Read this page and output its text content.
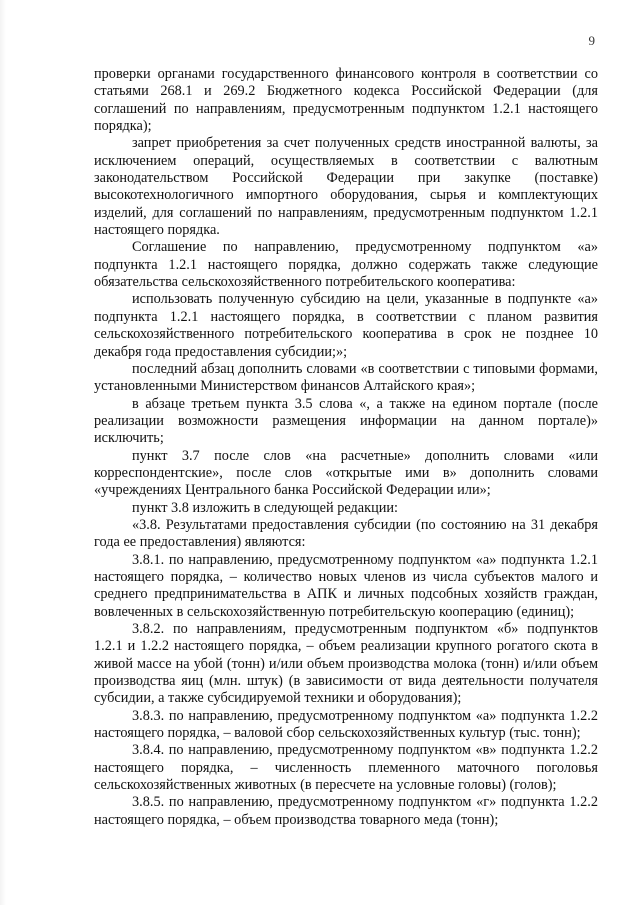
9

проверки органами государственного финансового контроля в соответствии со статьями 268.1 и 269.2 Бюджетного кодекса Российской Федерации (для соглашений по направлениям, предусмотренным подпунктом 1.2.1 настоящего порядка);

запрет приобретения за счет полученных средств иностранной валюты, за исключением операций, осуществляемых в соответствии с валютным законодательством Российской Федерации при закупке (поставке) высокотехнологичного импортного оборудования, сырья и комплектующих изделий, для соглашений по направлениям, предусмотренным подпунктом 1.2.1 настоящего порядка.

Соглашение по направлению, предусмотренному подпунктом «а» подпункта 1.2.1 настоящего порядка, должно содержать также следующие обязательства сельскохозяйственного потребительского кооператива:

использовать полученную субсидию на цели, указанные в подпункте «а» подпункта 1.2.1 настоящего порядка, в соответствии с планом развития сельскохозяйственного потребительского кооператива в срок не позднее 10 декабря года предоставления субсидии;»;

последний абзац дополнить словами «в соответствии с типовыми формами, установленными Министерством финансов Алтайского края»;

в абзаце третьем пункта 3.5 слова «, а также на едином портале (после реализации возможности размещения информации на данном портале)» исключить;

пункт 3.7 после слов «на расчетные» дополнить словами «или корреспондентские», после слов «открытые ими в» дополнить словами «учреждениях Центрального банка Российской Федерации или»;

пункт 3.8 изложить в следующей редакции:

«3.8. Результатами предоставления субсидии (по состоянию на 31 декабря года ее предоставления) являются:

3.8.1. по направлению, предусмотренному подпунктом «а» подпункта 1.2.1 настоящего порядка, – количество новых членов из числа субъектов малого и среднего предпринимательства в АПК и личных подсобных хозяйств граждан, вовлеченных в сельскохозяйственную потребительскую кооперацию (единиц);

3.8.2. по направлениям, предусмотренным подпунктом «б» подпунктов 1.2.1 и 1.2.2 настоящего порядка, – объем реализации крупного рогатого скота в живой массе на убой (тонн) и/или объем производства молока (тонн) и/или объем производства яиц (млн. штук) (в зависимости от вида деятельности получателя субсидии, а также субсидируемой техники и оборудования);

3.8.3. по направлению, предусмотренному подпунктом «а» подпункта 1.2.2 настоящего порядка, – валовой сбор сельскохозяйственных культур (тыс. тонн);

3.8.4. по направлению, предусмотренному подпунктом «в» подпункта 1.2.2 настоящего порядка, – численность племенного маточного поголовья сельскохозяйственных животных (в пересчете на условные головы) (голов);

3.8.5. по направлению, предусмотренному подпунктом «г» подпункта 1.2.2 настоящего порядка, – объем производства товарного меда (тонн);
